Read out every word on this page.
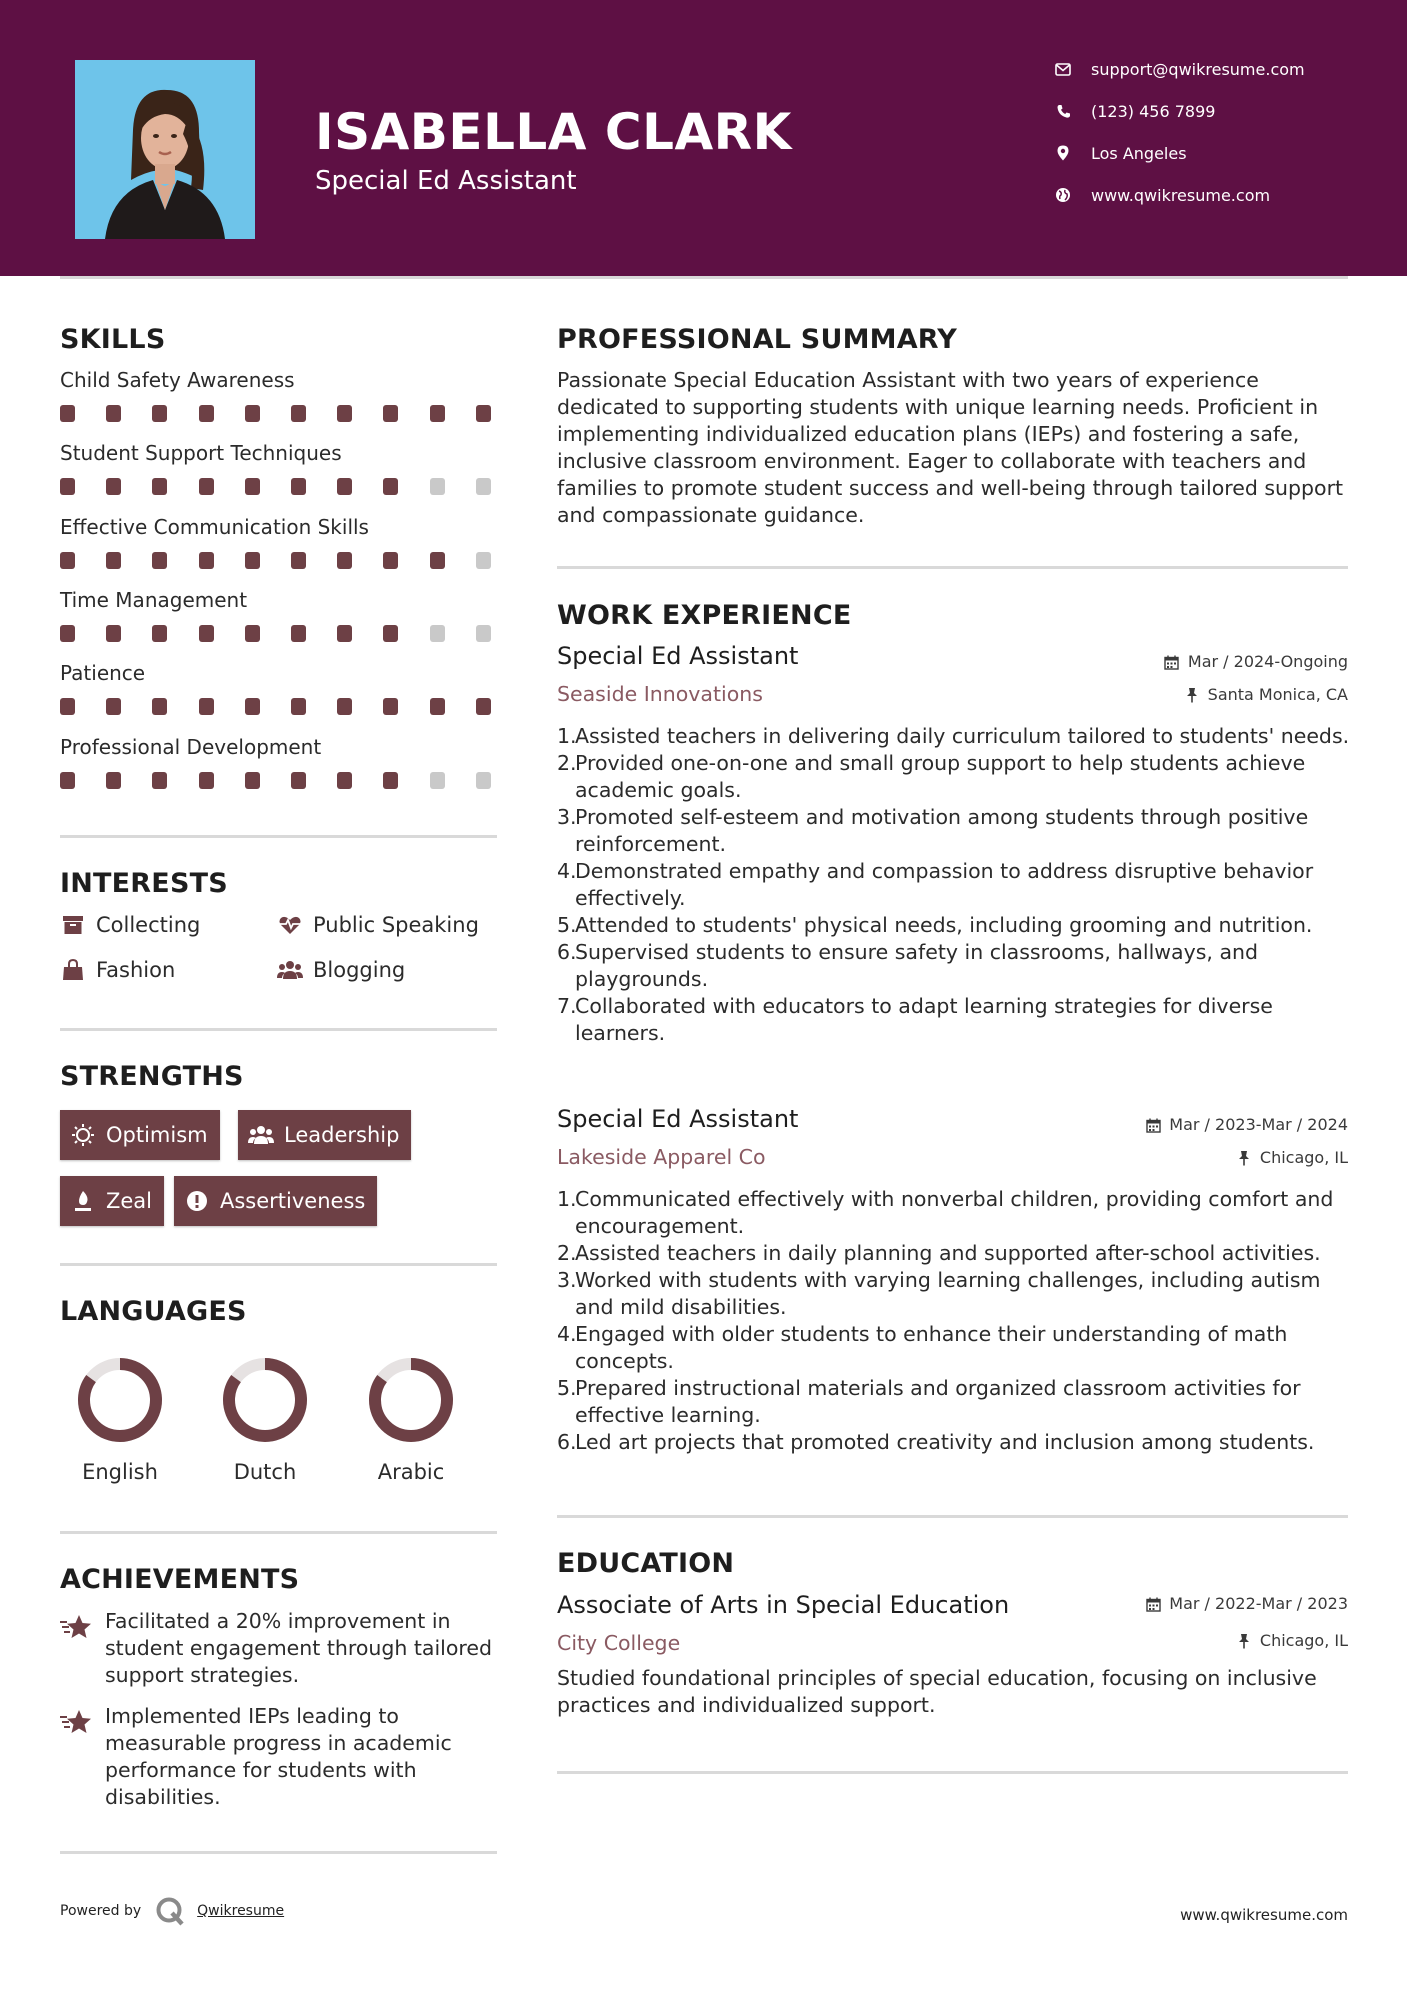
ISABELLA CLARK
Special Ed Assistant
support@qwikresume.com
(123) 456 7899
Los Angeles
www.qwikresume.com
SKILLS
Child Safety Awareness
Student Support Techniques
Effective Communication Skills
Time Management
Patience
Professional Development
INTERESTS
Collecting	Public Speaking
Fashion	Blogging
STRENGTHS
Optimism	Leadership
Zeal	Assertiveness
LANGUAGES
English	Dutch	Arabic
ACHIEVEMENTS
Facilitated a 20% improvement in student engagement through tailored support strategies.
Implemented IEPs leading to measurable progress in academic performance for students with disabilities.
PROFESSIONAL SUMMARY
Passionate Special Education Assistant with two years of experience dedicated to supporting students with unique learning needs. Proficient in implementing individualized education plans (IEPs) and fostering a safe, inclusive classroom environment. Eager to collaborate with teachers and families to promote student success and well-being through tailored support and compassionate guidance.
WORK EXPERIENCE
Special Ed Assistant	Mar / 2024-Ongoing
Seaside Innovations	Santa Monica, CA
Assisted teachers in delivering daily curriculum tailored to students' needs.
Provided one-on-one and small group support to help students achieve academic goals.
Promoted self-esteem and motivation among students through positive reinforcement.
Demonstrated empathy and compassion to address disruptive behavior effectively.
Attended to students' physical needs, including grooming and nutrition.
Supervised students to ensure safety in classrooms, hallways, and playgrounds.
Collaborated with educators to adapt learning strategies for diverse learners.
Special Ed Assistant	Mar / 2023-Mar / 2024
Lakeside Apparel Co	Chicago, IL
Communicated effectively with nonverbal children, providing comfort and encouragement.
Assisted teachers in daily planning and supported after-school activities.
Worked with students with varying learning challenges, including autism and mild disabilities.
Engaged with older students to enhance their understanding of math concepts.
Prepared instructional materials and organized classroom activities for effective learning.
Led art projects that promoted creativity and inclusion among students.
EDUCATION
Associate of Arts in Special Education	Mar / 2022-Mar / 2023
City College	Chicago, IL
Studied foundational principles of special education, focusing on inclusive practices and individualized support.
Powered by	Qwikresume	www.qwikresume.com
